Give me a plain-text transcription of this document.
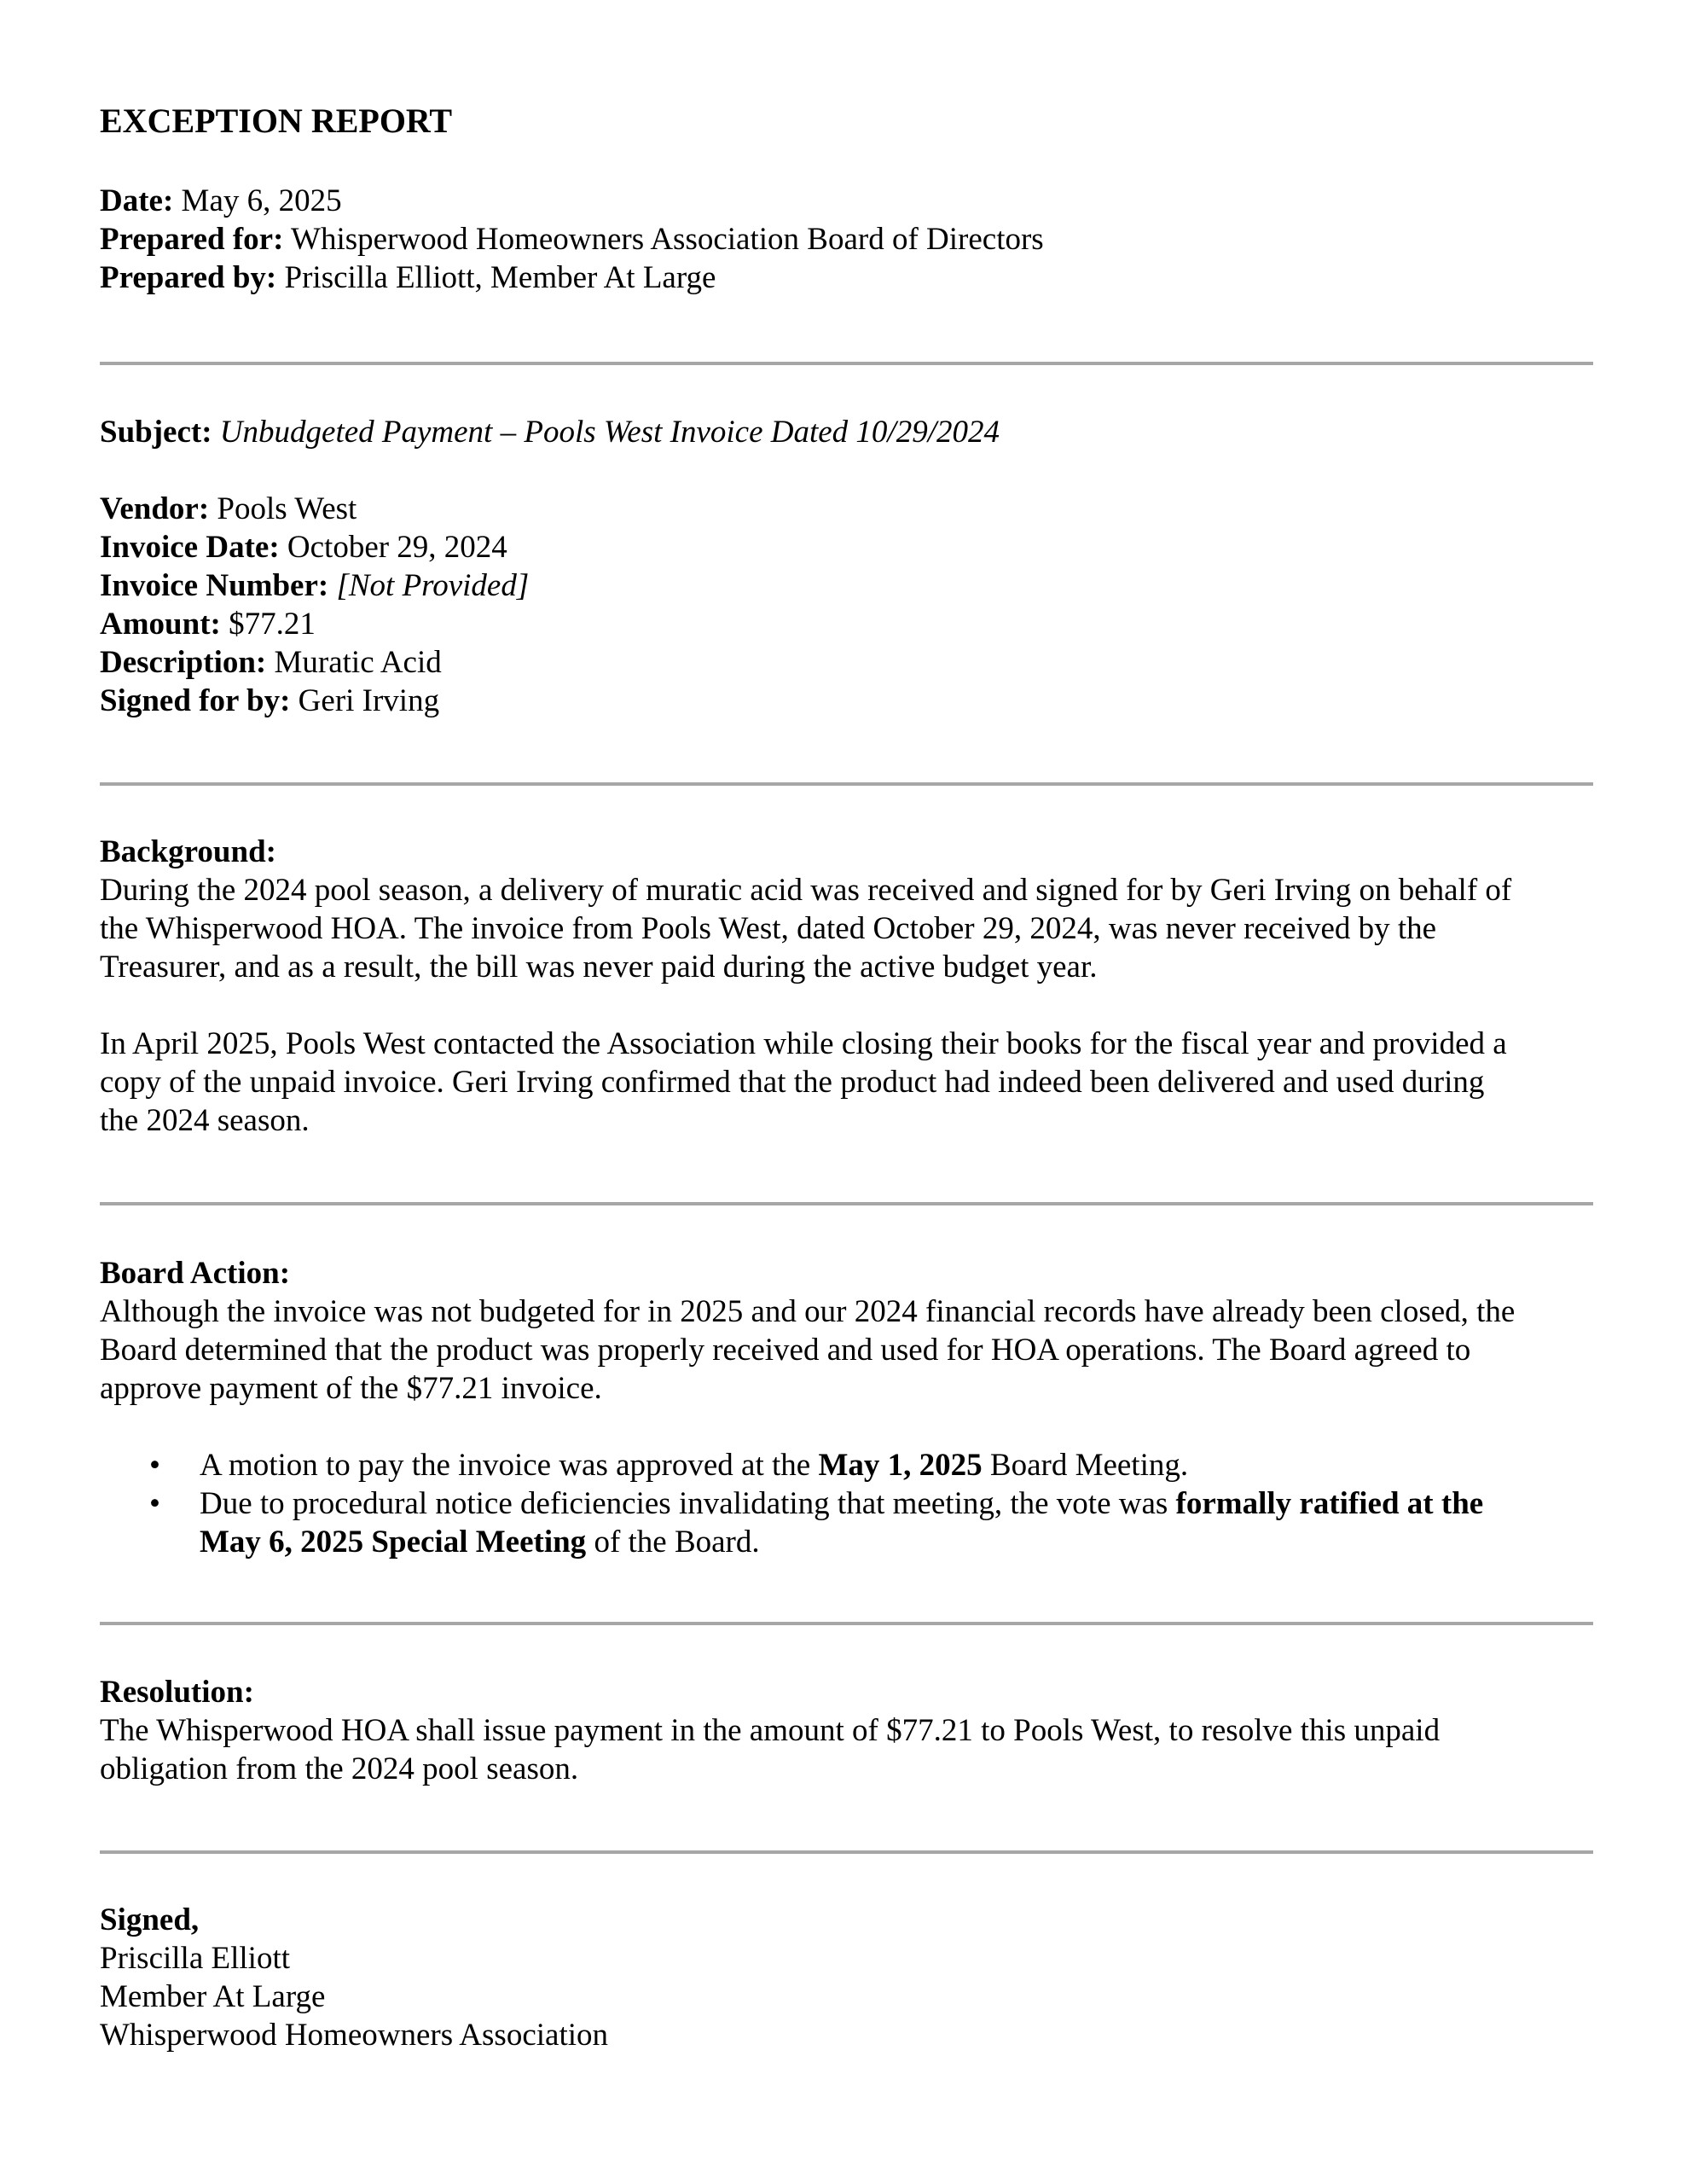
EXCEPTION REPORT
Date: May 6, 2025
Prepared for: Whisperwood Homeowners Association Board of Directors
Prepared by: Priscilla Elliott, Member At Large
Subject: Unbudgeted Payment – Pools West Invoice Dated 10/29/2024
Vendor: Pools West
Invoice Date: October 29, 2024
Invoice Number: [Not Provided]
Amount: $77.21
Description: Muratic Acid
Signed for by: Geri Irving
Background:
During the 2024 pool season, a delivery of muratic acid was received and signed for by Geri Irving on behalf of
the Whisperwood HOA. The invoice from Pools West, dated October 29, 2024, was never received by the
Treasurer, and as a result, the bill was never paid during the active budget year.
In April 2025, Pools West contacted the Association while closing their books for the fiscal year and provided a
copy of the unpaid invoice. Geri Irving confirmed that the product had indeed been delivered and used during
the 2024 season.
Board Action:
Although the invoice was not budgeted for in 2025 and our 2024 financial records have already been closed, the
Board determined that the product was properly received and used for HOA operations. The Board agreed to
approve payment of the $77.21 invoice.
• A motion to pay the invoice was approved at the May 1, 2025 Board Meeting.
• Due to procedural notice deficiencies invalidating that meeting, the vote was formally ratified at the
May 6, 2025 Special Meeting of the Board.
Resolution:
The Whisperwood HOA shall issue payment in the amount of $77.21 to Pools West, to resolve this unpaid
obligation from the 2024 pool season.
Signed,
Priscilla Elliott
Member At Large
Whisperwood Homeowners Association
